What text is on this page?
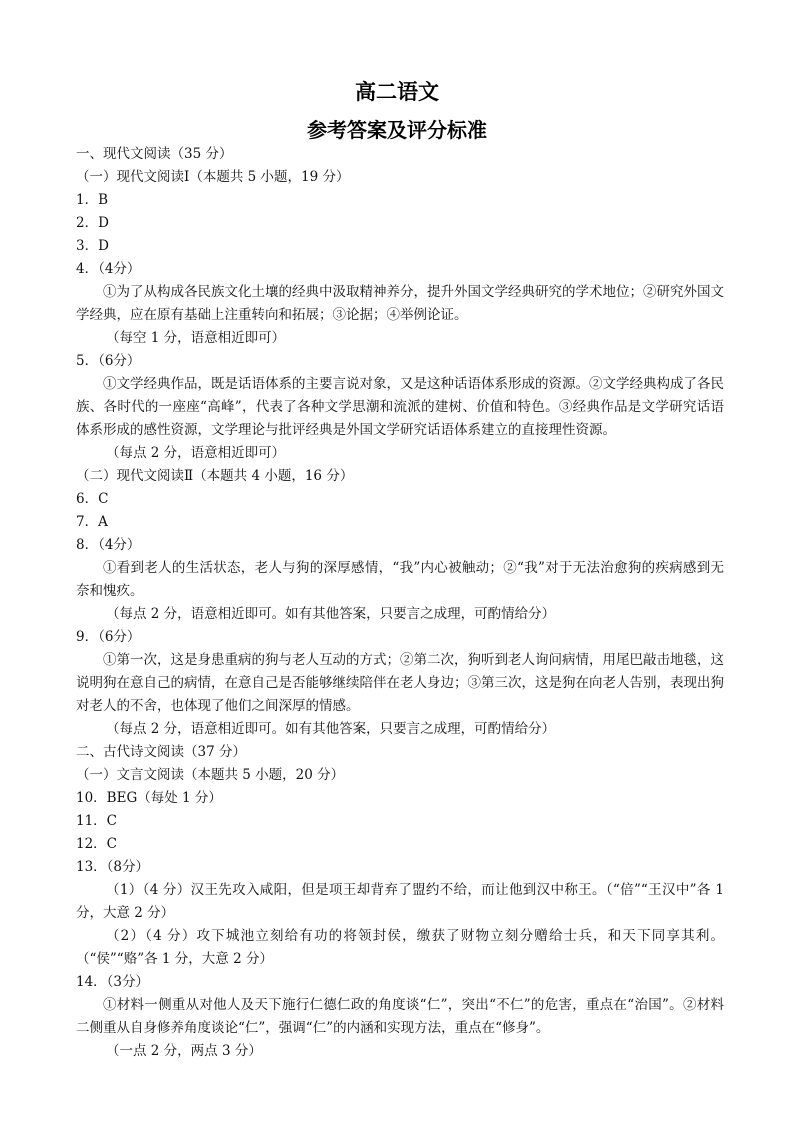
高二语文
参考答案及评分标准
一、现代文阅读（35 分）
（一）现代文阅读Ⅰ（本题共 5 小题，19 分）
1．B
2．D
3．D
4．（4分）
①为了从构成各民族文化土壤的经典中汲取精神养分，提升外国文学经典研究的学术地位；②研究外国文学经典，应在原有基础上注重转向和拓展；③论据；④举例论证。
（每空 1 分，语意相近即可）
5．（6分）
①文学经典作品，既是话语体系的主要言说对象，又是这种话语体系形成的资源。②文学经典构成了各民族、各时代的一座座“高峰”，代表了各种文学思潮和流派的建树、价值和特色。③经典作品是文学研究话语体系形成的感性资源，文学理论与批评经典是外国文学研究话语体系建立的直接理性资源。
（每点 2 分，语意相近即可）
（二）现代文阅读Ⅱ（本题共 4 小题，16 分）
6．C
7．A
8．（4分）
①看到老人的生活状态，老人与狗的深厚感情，“我”内心被触动；②“我”对于无法治愈狗的疾病感到无奈和愧疚。
（每点 2 分，语意相近即可。如有其他答案，只要言之成理，可酌情给分）
9．（6分）
①第一次，这是身患重病的狗与老人互动的方式；②第二次，狗听到老人询问病情，用尾巴敲击地毯，这说明狗在意自己的病情，在意自己是否能够继续陪伴在老人身边；③第三次，这是狗在向老人告别，表现出狗对老人的不舍，也体现了他们之间深厚的情感。
（每点 2 分，语意相近即可。如有其他答案，只要言之成理，可酌情给分）
二、古代诗文阅读（37 分）
（一）文言文阅读（本题共 5 小题，20 分）
10．BEG（每处 1 分）
11．C
12．C
13．（8分）
（1）（4 分）汉王先攻入咸阳，但是项王却背弃了盟约不给，而让他到汉中称王。（“倍”“王汉中”各 1 分，大意 2 分）
（2）（4 分）攻下城池立刻给有功的将领封侯，缴获了财物立刻分赠给士兵，和天下同享其利。（“侯”“赂”各 1 分，大意 2 分）
14．（3分）
①材料一侧重从对他人及天下施行仁德仁政的角度谈“仁”，突出“不仁”的危害，重点在“治国”。②材料二侧重从自身修养角度谈论“仁”，强调“仁”的内涵和实现方法，重点在“修身”。
（一点 2 分，两点 3 分）
